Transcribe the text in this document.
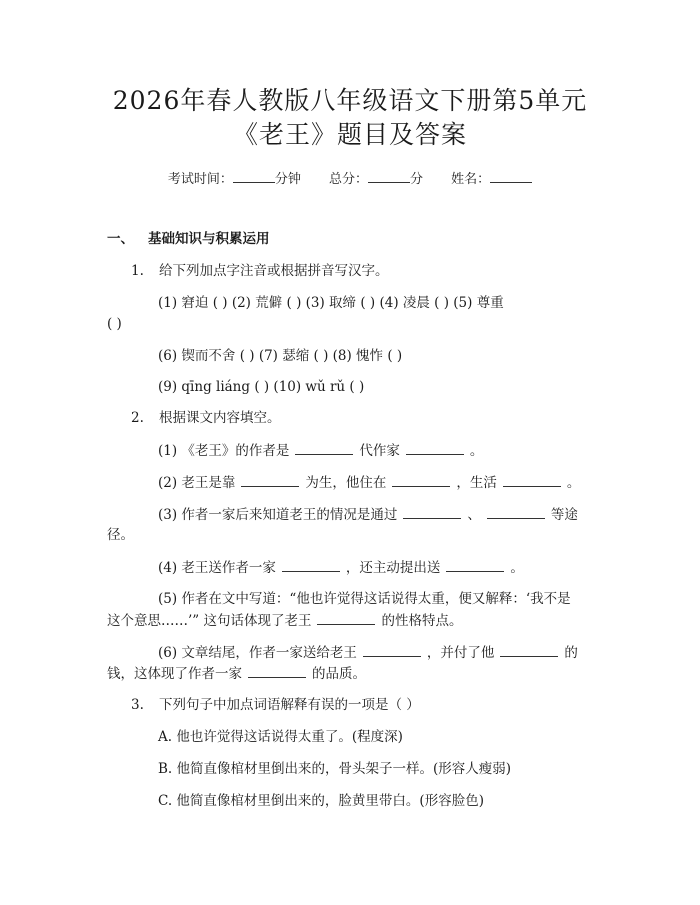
2026年春人教版八年级语文下册第5单元
《老王》题目及答案
考试时间：	分钟 总分：	分 姓名：
一、 基础知识与积累运用
1. 给下列加点字注音或根据拼音写汉字。
(1) 窘迫 ( ) (2) 荒僻 ( ) (3) 取缔 ( ) (4) 凌晨 ( ) (5) 尊重
( )
(6) 锲而不舍 ( ) (7) 瑟缩 ( ) (8) 愧怍 ( )
(9) qīng liáng ( ) (10) wǔ rǔ ( )
2. 根据课文内容填空。
(1) 《老王》的作者是	代作家	。
(2) 老王是靠	为生，他住在	，生活	。
(3) 作者一家后来知道老王的情况是通过	、	等途
径。
(4) 老王送作者一家	，还主动提出送	。
(5) 作者在文中写道：“他也许觉得这话说得太重，便又解释：‘我不是
这个意思……’” 这句话体现了老王	的性格特点。
(6) 文章结尾，作者一家送给老王	，并付了他	的
钱，这体现了作者一家	的品质。
3. 下列句子中加点词语解释有误的一项是（ ）
A. 他也许觉得这话说得太重了。(程度深)
B. 他简直像棺材里倒出来的，骨头架子一样。(形容人瘦弱)
C. 他简直像棺材里倒出来的，脸黄里带白。(形容脸色)
